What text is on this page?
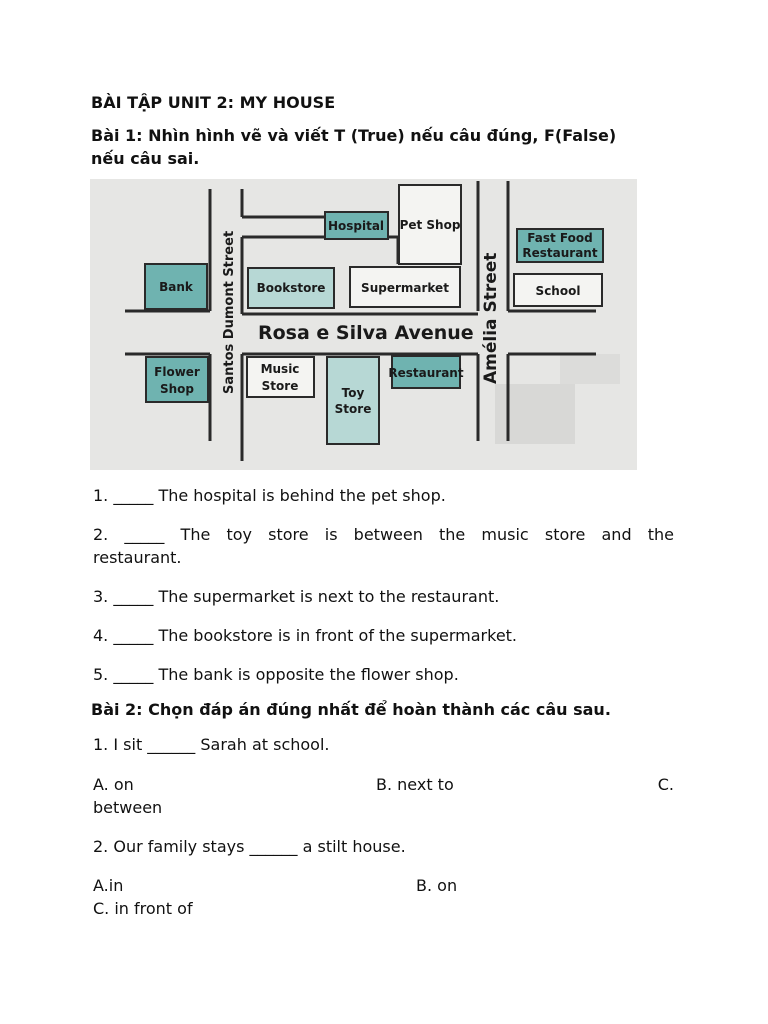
BÀI TẬP UNIT 2: MY HOUSE
Bài 1: Nhìn hình vẽ và viết T (True) nếu câu đúng, F(False)
nếu câu sai.
Hospital Pet Shop
Fast Food
Restaurant
Bank	Bookstore	Supermarket	School
Flower
Shop
Music
Store	Toy
Store
Restaurant
Rosa e Silva Avenue
Santos Dumont Street	Amélia Street
1. _____ The hospital is behind the pet shop.
2. _____ The toy store is between the music store and the
restaurant.
3. _____ The supermarket is next to the restaurant.
4. _____ The bookstore is in front of the supermarket.
5. _____ The bank is opposite the flower shop.
Bài 2: Chọn đáp án đúng nhất để hoàn thành các câu sau.
1. I sit ______ Sarah at school.
A. on	B. next to	C.
between
2. Our family stays ______ a stilt house.
A.in	B. on
C. in front of
